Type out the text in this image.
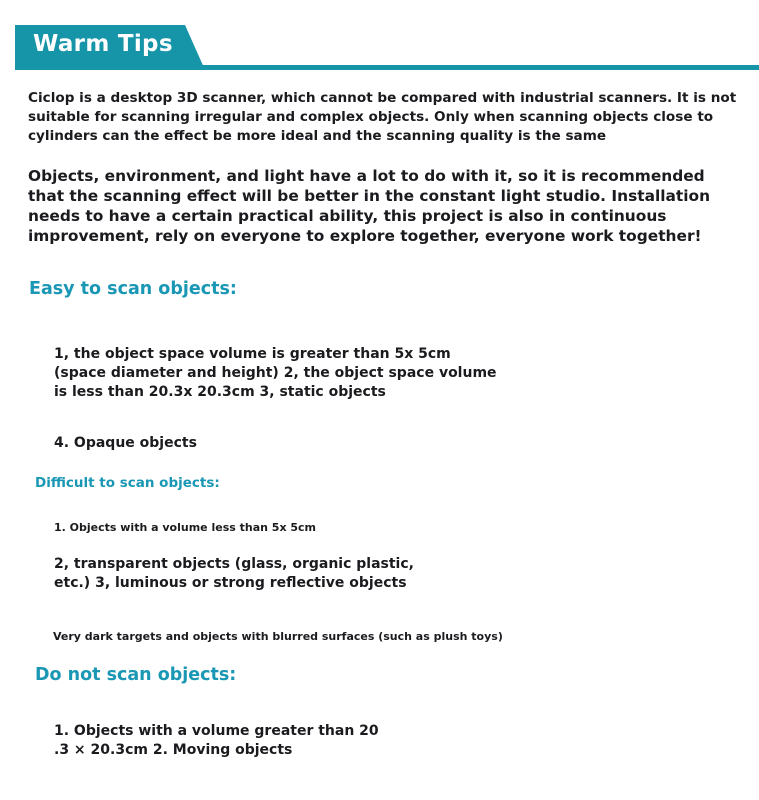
Warm Tips
Ciclop is a desktop 3D scanner, which cannot be compared with industrial scanners. It is not suitable for scanning irregular and complex objects. Only when scanning objects close to cylinders can the effect be more ideal and the scanning quality is the same
Objects, environment, and light have a lot to do with it, so it is recommended that the scanning effect will be better in the constant light studio. Installation needs to have a certain practical ability, this project is also in continuous improvement, rely on everyone to explore together, everyone work together!
Easy to scan objects:
1, the object space volume is greater than 5x 5cm (space diameter and height) 2, the object space volume is less than 20.3x 20.3cm 3, static objects
4. Opaque objects
Difficult to scan objects:
1. Objects with a volume less than 5x 5cm
2, transparent objects (glass, organic plastic, etc.) 3, luminous or strong reflective objects
Very dark targets and objects with blurred surfaces (such as plush toys)
Do not scan objects:
1. Objects with a volume greater than 20 .3 × 20.3cm 2. Moving objects
